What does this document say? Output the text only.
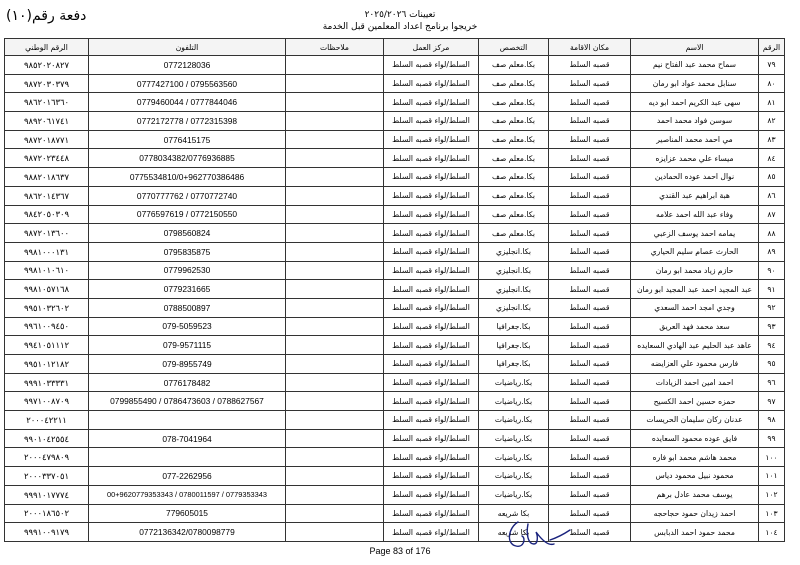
دفعة رقم(١٠)	تعيينات ٢٠٢٥/٢٠٢٦
خريجوا برنامج اعداد المعلمين قبل الخدمة
الرقم	الاسم	مكان الاقامة	التخصص	مركز العمل	ملاحظات	التلفون	الرقم الوطني
٧٩	سماح محمد عبد الفتاح نيم	قصبه السلط	بكا.معلم صف	السلط/لواء قصبه السلط		0772128036	٩٨٥٢٠٢٠٨٢٧
٨٠	سنابل محمد عواد ابو رمان	قصبه السلط	بكا.معلم صف	السلط/لواء قصبه السلط		0795563560 / 0777427100	٩٨٧٢٠٣٠٣٧٩
٨١	سهى عبد الكريم احمد ابو ديه	قصبه السلط	بكا.معلم صف	السلط/لواء قصبه السلط		0777844046 / 0779460044	٩٨٦٢٠١٦٣٦٠
٨٢	سوسن فواد محمد احمد	قصبه السلط	بكا.معلم صف	السلط/لواء قصبه السلط		0772315398 / 0772172778	٩٨٩٢٠٦١٧٤١
٨٣	مي احمد محمد المناصير	قصبه السلط	بكا.معلم صف	السلط/لواء قصبه السلط		0776415175	٩٨٧٢٠١٨٧٧١
٨٤	ميساء علي محمد عزايزه	قصبه السلط	بكا.معلم صف	السلط/لواء قصبه السلط		0778034382/0776936885	٩٨٧٢٠٢٣٤٤٨
٨٥	نوال احمد عوده الحمادين	قصبه السلط	بكا.معلم صف	السلط/لواء قصبه السلط		0775534810/0+962770386486	٩٨٨٢٠١٨٦٣٧
٨٦	هبة ابراهيم عبد القندي	قصبه السلط	بكا.معلم صف	السلط/لواء قصبه السلط		0770772740 / 0770777762	٩٨٦٢٠١٤٣٦٧
٨٧	وفاء عبد الله احمد علامه	قصبه السلط	بكا.معلم صف	السلط/لواء قصبه السلط		0772150550 / 0776597619	٩٨٤٢٠٥٠٣٠٩
٨٨	يمامه احمد يوسف الزعبي	قصبه السلط	بكا.معلم صف	السلط/لواء قصبه السلط		0798560824	٩٨٧٢٠١٣٦٠٠
٨٩	الحارث عصام سليم الحياري	قصبه السلط	بكا.انجليزي	السلط/لواء قصبه السلط		0795835875	٩٩٨١٠٠٠١٣١
٩٠	حازم زياد محمد ابو رمان	قصبه السلط	بكا.انجليزي	السلط/لواء قصبه السلط		0779962530	٩٩٨١٠١٠٦١٠
٩١	عبد المجيد احمد عبد المجيد ابو رمان	قصبه السلط	بكا.انجليزي	السلط/لواء قصبه السلط		0779231665	٩٩٨١٠٥٧١٦٨
٩٢	وجدي امجد احمد السعدي	قصبه السلط	بكا.انجليزي	السلط/لواء قصبه السلط		0788500897	٩٩٥١٠٣٢٦٠٢
٩٣	سعد محمد فهد العريق	قصبه السلط	بكا.جغرافيا	السلط/لواء قصبه السلط		079-5059523	٩٩٦١٠٠٩٤٥٠
٩٤	عاهد عبد الحليم عبد الهادي السعايده	قصبه السلط	بكا.جغرافيا	السلط/لواء قصبه السلط		079-9571115	٩٩٤١٠٥١١١٢
٩٥	فارس محمود علي العزايضه	قصبه السلط	بكا.جغرافيا	السلط/لواء قصبه السلط		079-8955749	٩٩٥١٠١٢١٨٢
٩٦	احمد امين احمد الزيادات	قصبه السلط	بكا.رياضيات	السلط/لواء قصبه السلط		0776178482	٩٩٩١٠٣٣٣٣١
٩٧	حمزه حسين احمد الكسيح	قصبه السلط	بكا.رياضيات	السلط/لواء قصبه السلط		0788627567 / 0786473603 / 0799855490	٩٩٧١٠٠٨٧٠٩
٩٨	عدنان ركان سليمان الحريسات	قصبه السلط	بكا.رياضيات	السلط/لواء قصبه السلط			٢٠٠٠٤٢٢١١
٩٩	فايق عوده محمود السعايده	قصبه السلط	بكا.رياضيات	السلط/لواء قصبه السلط		078-7041964	٩٩٠١٠٤٢٥٥٤
١٠٠	محمد هاشم محمد ابو فاره	قصبه السلط	بكا.رياضيات	السلط/لواء قصبه السلط			٢٠٠٠٤٧٩٨٠٩
١٠١	محمود نبيل محمود دياس	قصبه السلط	بكا.رياضيات	السلط/لواء قصبه السلط		077-2262956	٢٠٠٠٣٣٧٠٥١
١٠٢	يوسف محمد عادل برهم	قصبه السلط	بكا.رياضيات	السلط/لواء قصبه السلط		0779353343 / 0780011597 / 00+9620779353343	٩٩٩١٠١٧٧٧٤
١٠٣	احمد زيدان حمود حجاحجه	قصبه السلط	بكا شريعه	السلط/لواء قصبه السلط		779605015	٢٠٠٠١٨٦٥٠٢
١٠٤	محمد حمود احمد الدبابس	قصبه السلط	بكا شريعه	السلط/لواء قصبه السلط		0772136342/0780098779	٩٩٩١٠٠٩١٧٩
Page 83 of 176
